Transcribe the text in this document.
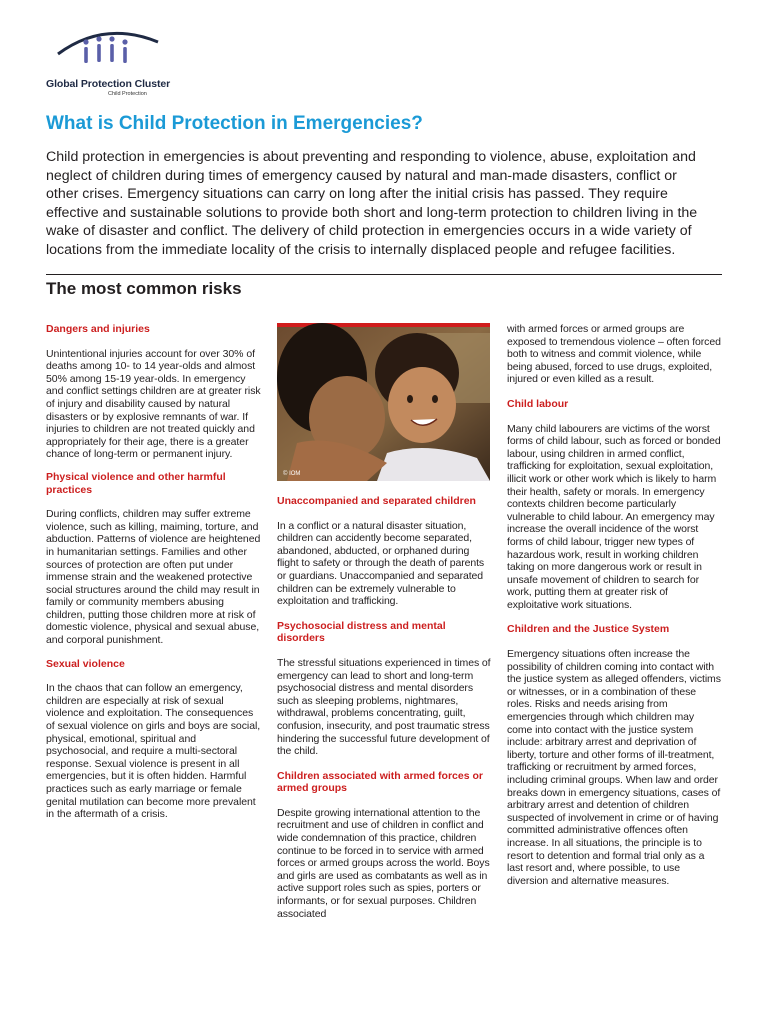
Global Protection Cluster
Child Protection
What is Child Protection in Emergencies?

Child protection in emergencies is about preventing and responding to violence, abuse, exploitation and neglect of children during times of emergency caused by natural and man-made disasters, conflict or other crises. Emergency situations can carry on long after the initial crisis has passed. They require effective and sustainable solutions to provide both short and long-term protection to children living in the wake of disaster and conflict. The delivery of child protection in emergencies occurs in a wide variety of locations from the immediate locality of the crisis to internally displaced people and refugee facilities.

The most common risks
Dangers and injuries

Unintentional injuries account for over 30% of deaths among 10- to 14 year-olds and almost 50% among 15-19 year-olds. In emergency and conflict settings children are at greater risk of injury and disability caused by natural disasters or by explosive remnants of war. If injuries to children are not treated quickly and appropriately for their age, there is a greater chance of long-term or permanent injury.

Physical violence and other harmful practices

During conflicts, children may suffer extreme violence, such as killing, maiming, torture, and abduction. Patterns of violence are heightened in humanitarian settings. Families and other sources of protection are often put under immense strain and the weakened protective social structures around the child may result in family or community members abusing children, putting those children more at risk of domestic violence, physical and sexual abuse, and corporal punishment.

Sexual violence

In the chaos that can follow an emergency, children are especially at risk of sexual violence and exploitation. The consequences of sexual violence on girls and boys are social, physical, emotional, spiritual and psychosocial, and require a multi-sectoral response. Sexual violence is present in all emergencies, but it is often hidden. Harmful practices such as early marriage or female genital mutilation can become more prevalent in the aftermath of a crisis.

© IOM
Unaccompanied and separated children

In a conflict or a natural disaster situation, children can accidently become separated, abandoned, abducted, or orphaned during flight to safety or through the death of parents or guardians. Unaccompanied and separated children can be extremely vulnerable to exploitation and trafficking.

Psychosocial distress and mental disorders

The stressful situations experienced in times of emergency can lead to short and long-term psychosocial distress and mental disorders such as sleeping problems, nightmares, withdrawal, problems concentrating, guilt, confusion, insecurity, and post traumatic stress hindering the successful future development of the child.

Children associated with armed forces or armed groups

Despite growing international attention to the recruitment and use of children in conflict and wide condemnation of this practice, children continue to be forced in to service with armed forces or armed groups across the world. Boys and girls are used as combatants as well as in active support roles such as spies, porters or informants, or for sexual purposes. Children associated

with armed forces or armed groups are exposed to tremendous violence – often forced both to witness and commit violence, while being abused, forced to use drugs, exploited, injured or even killed as a result.

Child labour

Many child labourers are victims of the worst forms of child labour, such as forced or bonded labour, using children in armed conflict, trafficking for exploitation, sexual exploitation, illicit work or other work which is likely to harm their health, safety or morals. In emergency contexts children become particularly vulnerable to child labour. An emergency may increase the overall incidence of the worst forms of child labour, trigger new types of hazardous work, result in working children taking on more dangerous work or result in unsafe movement of children to search for work, putting them at greater risk of exploitative work situations.

Children and the Justice System

Emergency situations often increase the possibility of children coming into contact with the justice system as alleged offenders, victims or witnesses, or in a combination of these roles. Risks and needs arising from emergencies through which children may come into contact with the justice system include: arbitrary arrest and deprivation of liberty, torture and other forms of ill-treatment, trafficking or recruitment by armed forces, including criminal groups. When law and order breaks down in emergency situations, cases of arbitrary arrest and detention of children suspected of involvement in crime or of having committed administrative offences often increase. In all situations, the principle is to resort to detention and formal trial only as a last resort and, where possible, to use diversion and alternative measures.
